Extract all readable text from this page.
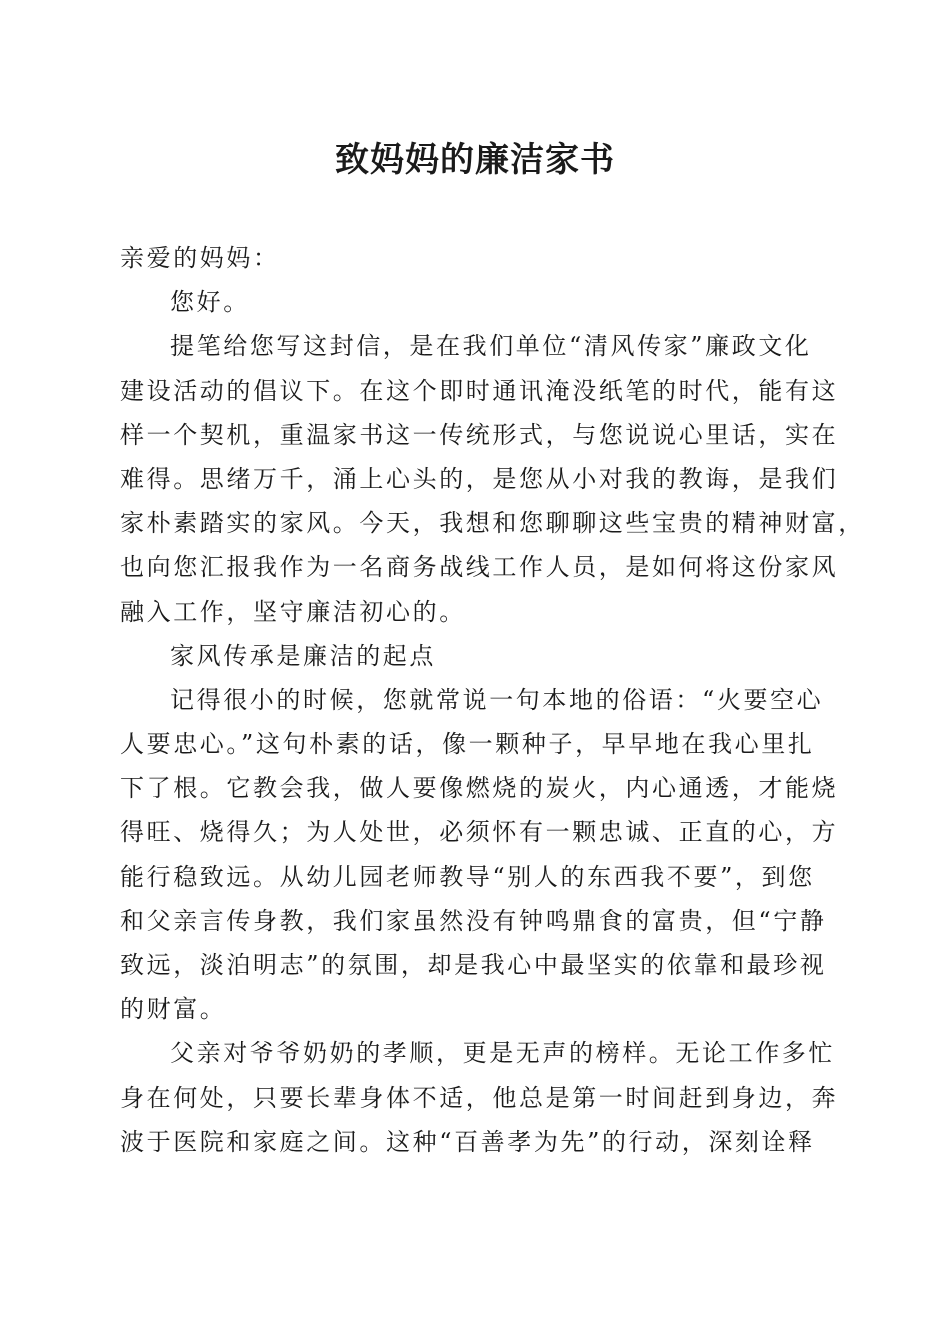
致妈妈的廉洁家书
亲爱的妈妈：
您好。
提笔给您写这封信，是在我们单位“清风传家”廉政文化
建设活动的倡议下。在这个即时通讯淹没纸笔的时代，能有这
样一个契机，重温家书这一传统形式，与您说说心里话，实在
难得。思绪万千，涌上心头的，是您从小对我的教诲，是我们
家朴素踏实的家风。今天，我想和您聊聊这些宝贵的精神财富，
也向您汇报我作为一名商务战线工作人员，是如何将这份家风
融入工作，坚守廉洁初心的。
家风传承是廉洁的起点
记得很小的时候，您就常说一句本地的俗语：“火要空心
人要忠心。”这句朴素的话，像一颗种子，早早地在我心里扎
下了根。它教会我，做人要像燃烧的炭火，内心通透，才能烧
得旺、烧得久；为人处世，必须怀有一颗忠诚、正直的心，方
能行稳致远。从幼儿园老师教导“别人的东西我不要”，到您
和父亲言传身教，我们家虽然没有钟鸣鼎食的富贵，但“宁静
致远，淡泊明志”的氛围，却是我心中最坚实的依靠和最珍视
的财富。
父亲对爷爷奶奶的孝顺，更是无声的榜样。无论工作多忙
身在何处，只要长辈身体不适，他总是第一时间赶到身边，奔
波于医院和家庭之间。这种“百善孝为先”的行动，深刻诠释
